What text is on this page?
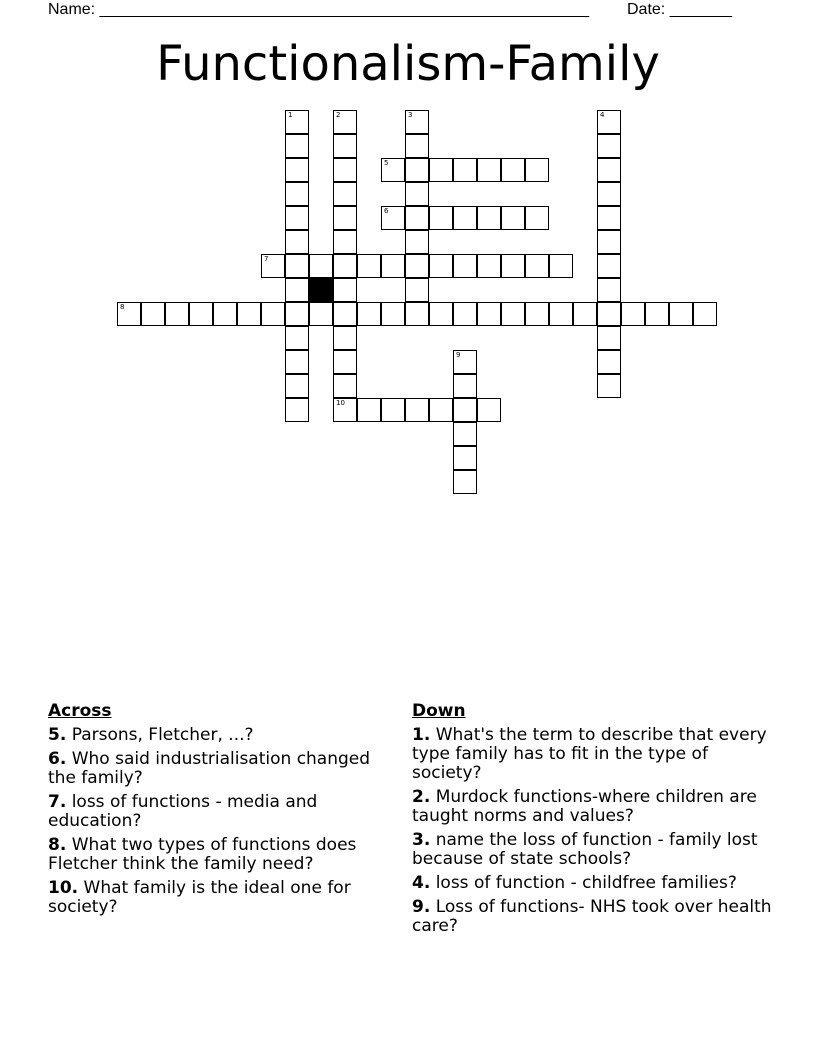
Name: _______________________________________________________ Date: _______
Functionalism-Family
1	2
10
3	4
5
6
7
8
9
Across
5. Parsons, Fletcher, ...?
6. Who said industrialisation changed the family?
7. loss of functions - media and education?
8. What two types of functions does Fletcher think the family need?
10. What family is the ideal one for society?
Down
1. What's the term to describe that every type family has to fit in the type of society?
2. Murdock functions-where children are taught norms and values?
3. name the loss of function - family lost because of state schools?
4. loss of function - childfree families?
9. Loss of functions- NHS took over health care?
